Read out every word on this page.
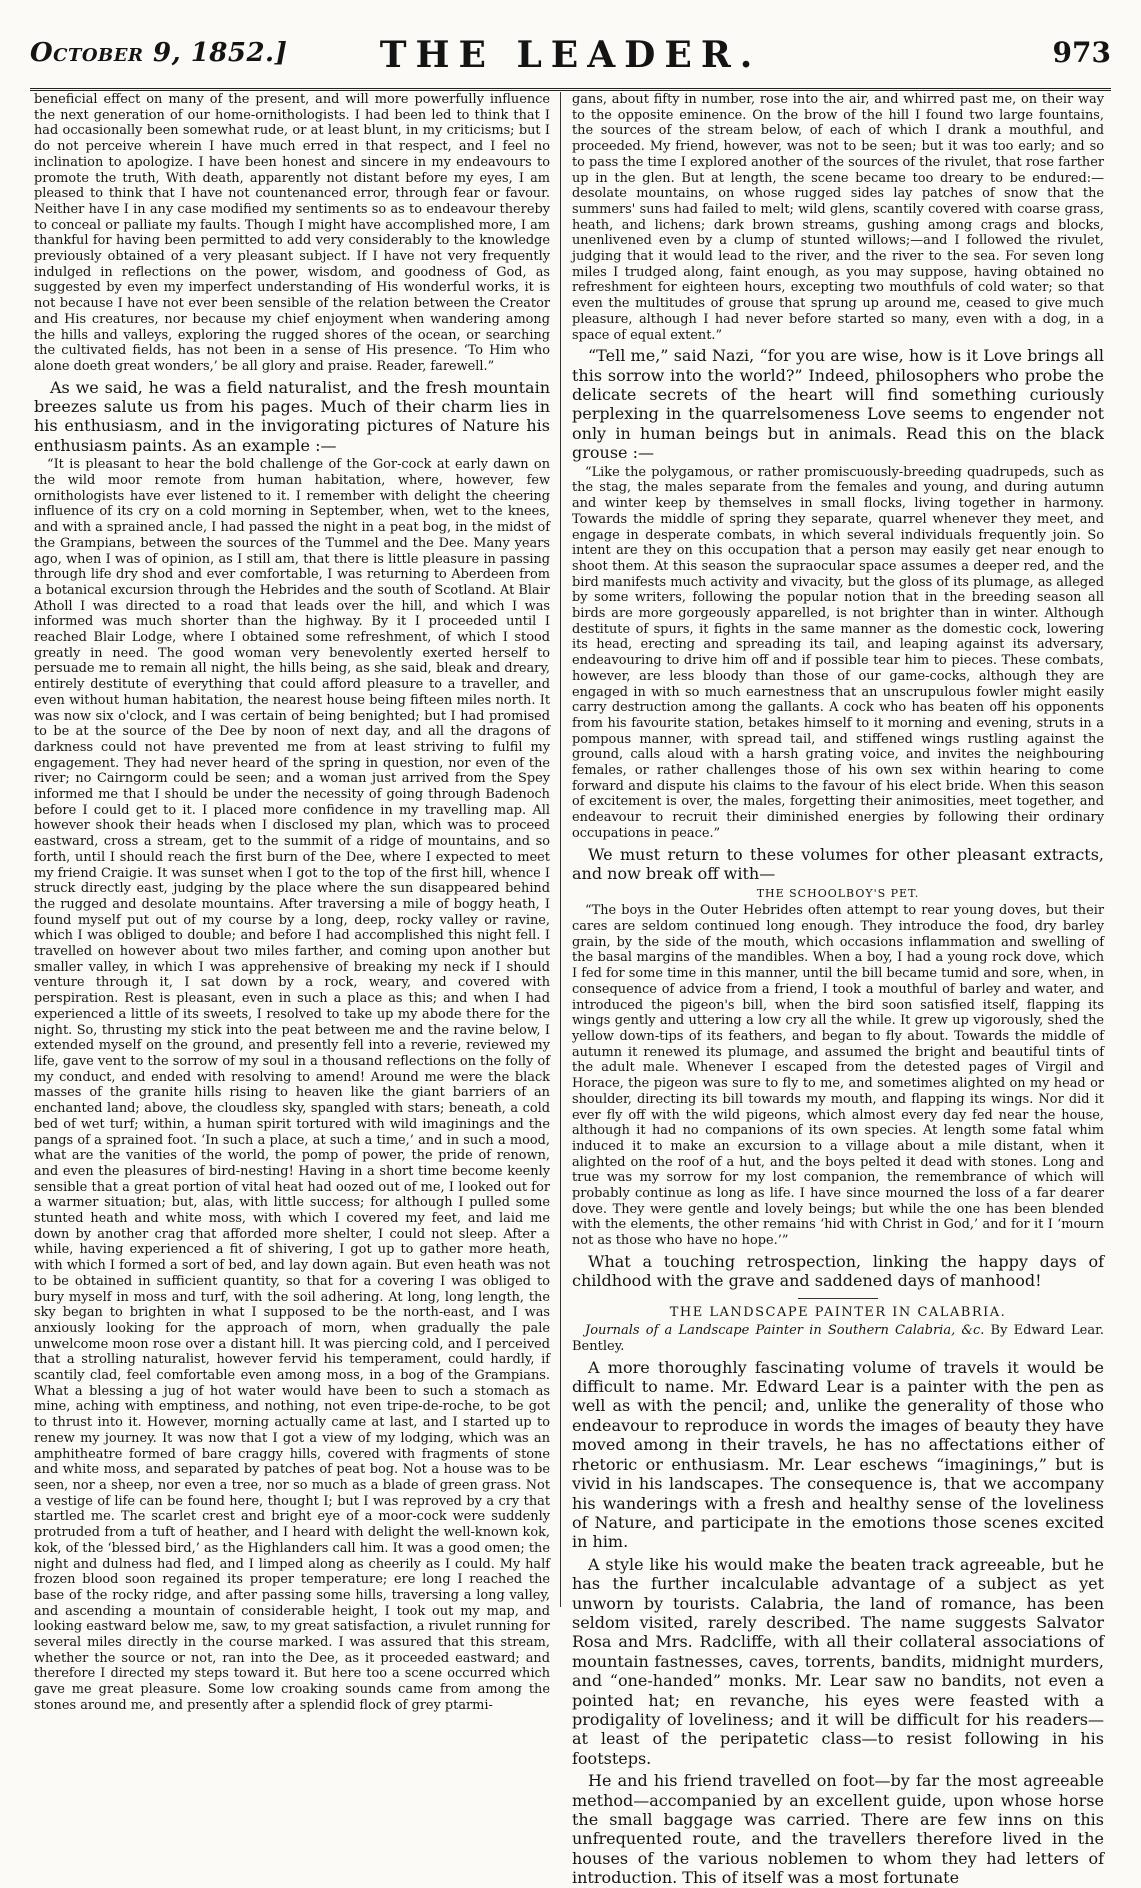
October 9, 1852.]	THE LEADER.	973

beneficial effect on many of the present, and will more powerfully influence the next generation of our home-ornithologists. I had been led to think that I had occasionally been somewhat rude, or at least blunt, in my criticisms; but I do not perceive wherein I have much erred in that respect, and I feel no inclination to apologize. I have been honest and sincere in my endeavours to promote the truth, With death, apparently not distant before my eyes, I am pleased to think that I have not countenanced error, through fear or favour. Neither have I in any case modified my sentiments so as to endeavour thereby to conceal or palliate my faults. Though I might have accomplished more, I am thankful for having been permitted to add very considerably to the knowledge previously obtained of a very pleasant subject. If I have not very frequently indulged in reflections on the power, wisdom, and goodness of God, as suggested by even my imperfect understanding of His wonderful works, it is not because I have not ever been sensible of the relation between the Creator and His creatures, nor because my chief enjoyment when wandering among the hills and valleys, exploring the rugged shores of the ocean, or searching the cultivated fields, has not been in a sense of His presence. ‘To Him who alone doeth great wonders,’ be all glory and praise. Reader, farewell.”

As we said, he was a field naturalist, and the fresh mountain breezes salute us from his pages. Much of their charm lies in his enthusiasm, and in the invigorating pictures of Nature his enthusiasm paints. As an example :—

“It is pleasant to hear the bold challenge of the Gor-cock at early dawn on the wild moor remote from human habitation, where, however, few ornithologists have ever listened to it. I remember with delight the cheering influence of its cry on a cold morning in September, when, wet to the knees, and with a sprained ancle, I had passed the night in a peat bog, in the midst of the Grampians, between the sources of the Tummel and the Dee. Many years ago, when I was of opinion, as I still am, that there is little pleasure in passing through life dry shod and ever comfortable, I was returning to Aberdeen from a botanical excursion through the Hebrides and the south of Scotland. At Blair Atholl I was directed to a road that leads over the hill, and which I was informed was much shorter than the highway. By it I proceeded until I reached Blair Lodge, where I obtained some refreshment, of which I stood greatly in need. The good woman very benevolently exerted herself to persuade me to remain all night, the hills being, as she said, bleak and dreary, entirely destitute of everything that could afford pleasure to a traveller, and even without human habitation, the nearest house being fifteen miles north. It was now six o'clock, and I was certain of being benighted; but I had promised to be at the source of the Dee by noon of next day, and all the dragons of darkness could not have prevented me from at least striving to fulfil my engagement. They had never heard of the spring in question, nor even of the river; no Cairngorm could be seen; and a woman just arrived from the Spey informed me that I should be under the necessity of going through Badenoch before I could get to it. I placed more confidence in my travelling map. All however shook their heads when I disclosed my plan, which was to proceed eastward, cross a stream, get to the summit of a ridge of mountains, and so forth, until I should reach the first burn of the Dee, where I expected to meet my friend Craigie. It was sunset when I got to the top of the first hill, whence I struck directly east, judging by the place where the sun disappeared behind the rugged and desolate mountains. After traversing a mile of boggy heath, I found myself put out of my course by a long, deep, rocky valley or ravine, which I was obliged to double; and before I had accomplished this night fell. I travelled on however about two miles farther, and coming upon another but smaller valley, in which I was apprehensive of breaking my neck if I should venture through it, I sat down by a rock, weary, and covered with perspiration. Rest is pleasant, even in such a place as this; and when I had experienced a little of its sweets, I resolved to take up my abode there for the night. So, thrusting my stick into the peat between me and the ravine below, I extended myself on the ground, and presently fell into a reverie, reviewed my life, gave vent to the sorrow of my soul in a thousand reflections on the folly of my conduct, and ended with resolving to amend! Around me were the black masses of the granite hills rising to heaven like the giant barriers of an enchanted land; above, the cloudless sky, spangled with stars; beneath, a cold bed of wet turf; within, a human spirit tortured with wild imaginings and the pangs of a sprained foot. ‘In such a place, at such a time,’ and in such a mood, what are the vanities of the world, the pomp of power, the pride of renown, and even the pleasures of bird-nesting! Having in a short time become keenly sensible that a great portion of vital heat had oozed out of me, I looked out for a warmer situation; but, alas, with little success; for although I pulled some stunted heath and white moss, with which I covered my feet, and laid me down by another crag that afforded more shelter, I could not sleep. After a while, having experienced a fit of shivering, I got up to gather more heath, with which I formed a sort of bed, and lay down again. But even heath was not to be obtained in sufficient quantity, so that for a covering I was obliged to bury myself in moss and turf, with the soil adhering. At long, long length, the sky began to brighten in what I supposed to be the north-east, and I was anxiously looking for the approach of morn, when gradually the pale unwelcome moon rose over a distant hill. It was piercing cold, and I perceived that a strolling naturalist, however fervid his temperament, could hardly, if scantily clad, feel comfortable even among moss, in a bog of the Grampians. What a blessing a jug of hot water would have been to such a stomach as mine, aching with emptiness, and nothing, not even tripe-de-roche, to be got to thrust into it. However, morning actually came at last, and I started up to renew my journey. It was now that I got a view of my lodging, which was an amphitheatre formed of bare craggy hills, covered with fragments of stone and white moss, and separated by patches of peat bog. Not a house was to be seen, nor a sheep, nor even a tree, nor so much as a blade of green grass. Not a vestige of life can be found here, thought I; but I was reproved by a cry that startled me. The scarlet crest and bright eye of a moor-cock were suddenly protruded from a tuft of heather, and I heard with delight the well-known kok, kok, of the ‘blessed bird,’ as the Highlanders call him. It was a good omen; the night and dulness had fled, and I limped along as cheerily as I could. My half frozen blood soon regained its proper temperature; ere long I reached the base of the rocky ridge, and after passing some hills, traversing a long valley, and ascending a mountain of considerable height, I took out my map, and looking eastward below me, saw, to my great satisfaction, a rivulet running for several miles directly in the course marked. I was assured that this stream, whether the source or not, ran into the Dee, as it proceeded eastward; and therefore I directed my steps toward it. But here too a scene occurred which gave me great pleasure. Some low croaking sounds came from among the stones around me, and presently after a splendid flock of grey ptarmi-

gans, about fifty in number, rose into the air, and whirred past me, on their way to the opposite eminence. On the brow of the hill I found two large fountains, the sources of the stream below, of each of which I drank a mouthful, and proceeded. My friend, however, was not to be seen; but it was too early; and so to pass the time I explored another of the sources of the rivulet, that rose farther up in the glen. But at length, the scene became too dreary to be endured:—desolate mountains, on whose rugged sides lay patches of snow that the summers' suns had failed to melt; wild glens, scantily covered with coarse grass, heath, and lichens; dark brown streams, gushing among crags and blocks, unenlivened even by a clump of stunted willows;—and I followed the rivulet, judging that it would lead to the river, and the river to the sea. For seven long miles I trudged along, faint enough, as you may suppose, having obtained no refreshment for eighteen hours, excepting two mouthfuls of cold water; so that even the multitudes of grouse that sprung up around me, ceased to give much pleasure, although I had never before started so many, even with a dog, in a space of equal extent.”

“Tell me,” said Nazi, “for you are wise, how is it Love brings all this sorrow into the world?” Indeed, philosophers who probe the delicate secrets of the heart will find something curiously perplexing in the quarrelsomeness Love seems to engender not only in human beings but in animals. Read this on the black grouse :—

“Like the polygamous, or rather promiscuously-breeding quadrupeds, such as the stag, the males separate from the females and young, and during autumn and winter keep by themselves in small flocks, living together in harmony. Towards the middle of spring they separate, quarrel whenever they meet, and engage in desperate combats, in which several individuals frequently join. So intent are they on this occupation that a person may easily get near enough to shoot them. At this season the supraocular space assumes a deeper red, and the bird manifests much activity and vivacity, but the gloss of its plumage, as alleged by some writers, following the popular notion that in the breeding season all birds are more gorgeously apparelled, is not brighter than in winter. Although destitute of spurs, it fights in the same manner as the domestic cock, lowering its head, erecting and spreading its tail, and leaping against its adversary, endeavouring to drive him off and if possible tear him to pieces. These combats, however, are less bloody than those of our game-cocks, although they are engaged in with so much earnestness that an unscrupulous fowler might easily carry destruction among the gallants. A cock who has beaten off his opponents from his favourite station, betakes himself to it morning and evening, struts in a pompous manner, with spread tail, and stiffened wings rustling against the ground, calls aloud with a harsh grating voice, and invites the neighbouring females, or rather challenges those of his own sex within hearing to come forward and dispute his claims to the favour of his elect bride. When this season of excitement is over, the males, forgetting their animosities, meet together, and endeavour to recruit their diminished energies by following their ordinary occupations in peace.”

We must return to these volumes for other pleasant extracts, and now break off with—

THE SCHOOLBOY'S PET.

“The boys in the Outer Hebrides often attempt to rear young doves, but their cares are seldom continued long enough. They introduce the food, dry barley grain, by the side of the mouth, which occasions inflammation and swelling of the basal margins of the mandibles. When a boy, I had a young rock dove, which I fed for some time in this manner, until the bill became tumid and sore, when, in consequence of advice from a friend, I took a mouthful of barley and water, and introduced the pigeon's bill, when the bird soon satisfied itself, flapping its wings gently and uttering a low cry all the while. It grew up vigorously, shed the yellow down-tips of its feathers, and began to fly about. Towards the middle of autumn it renewed its plumage, and assumed the bright and beautiful tints of the adult male. Whenever I escaped from the detested pages of Virgil and Horace, the pigeon was sure to fly to me, and sometimes alighted on my head or shoulder, directing its bill towards my mouth, and flapping its wings. Nor did it ever fly off with the wild pigeons, which almost every day fed near the house, although it had no companions of its own species. At length some fatal whim induced it to make an excursion to a village about a mile distant, when it alighted on the roof of a hut, and the boys pelted it dead with stones. Long and true was my sorrow for my lost companion, the remembrance of which will probably continue as long as life. I have since mourned the loss of a far dearer dove. They were gentle and lovely beings; but while the one has been blended with the elements, the other remains ‘hid with Christ in God,’ and for it I ‘mourn not as those who have no hope.’”

What a touching retrospection, linking the happy days of childhood with the grave and saddened days of manhood!

THE LANDSCAPE PAINTER IN CALABRIA.

Journals of a Landscape Painter in Southern Calabria, &c. By Edward Lear. Bentley.

A more thoroughly fascinating volume of travels it would be difficult to name. Mr. Edward Lear is a painter with the pen as well as with the pencil; and, unlike the generality of those who endeavour to reproduce in words the images of beauty they have moved among in their travels, he has no affectations either of rhetoric or enthusiasm. Mr. Lear eschews “imaginings,” but is vivid in his landscapes. The consequence is, that we accompany his wanderings with a fresh and healthy sense of the loveliness of Nature, and participate in the emotions those scenes excited in him.

A style like his would make the beaten track agreeable, but he has the further incalculable advantage of a subject as yet unworn by tourists. Calabria, the land of romance, has been seldom visited, rarely described. The name suggests Salvator Rosa and Mrs. Radcliffe, with all their collateral associations of mountain fastnesses, caves, torrents, bandits, midnight murders, and “one-handed” monks. Mr. Lear saw no bandits, not even a pointed hat; en revanche, his eyes were feasted with a prodigality of loveliness; and it will be difficult for his readers—at least of the peripatetic class—to resist following in his footsteps.

He and his friend travelled on foot—by far the most agreeable method—accompanied by an excellent guide, upon whose horse the small baggage was carried. There are few inns on this unfrequented route, and the travellers therefore lived in the houses of the various noblemen to whom they had letters of introduction. This of itself was a most fortunate
